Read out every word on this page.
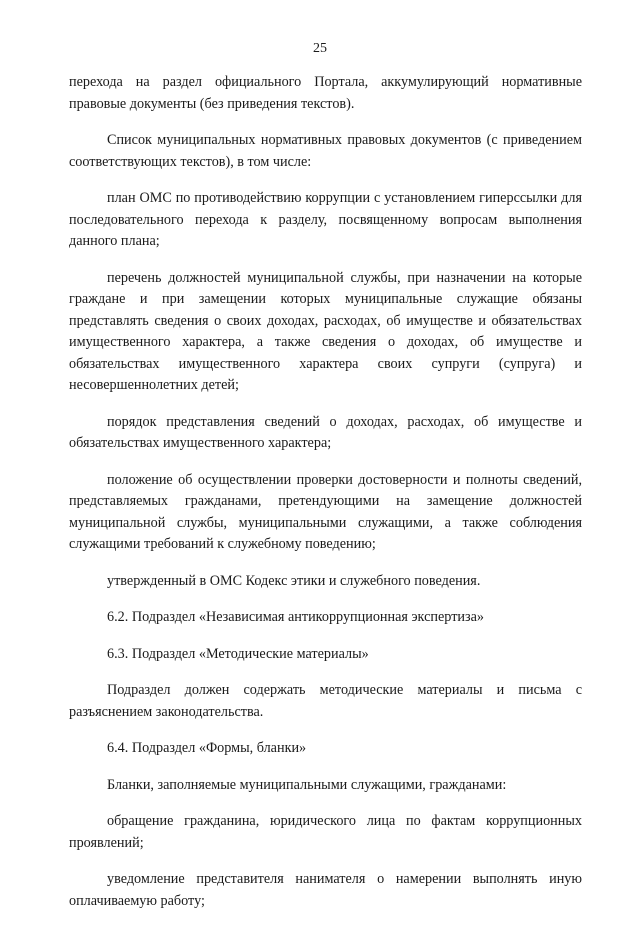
25

перехода на раздел официального Портала, аккумулирующий нормативные правовые документы (без приведения текстов).

Список муниципальных нормативных правовых документов (с приведением соответствующих текстов), в том числе:

план ОМС по противодействию коррупции с установлением гиперссылки для последовательного перехода к разделу, посвященному вопросам выполнения данного плана;

перечень должностей муниципальной службы, при назначении на которые граждане и при замещении которых муниципальные служащие обязаны представлять сведения о своих доходах, расходах, об имуществе и обязательствах имущественного характера, а также сведения о доходах, об имуществе и обязательствах имущественного характера своих супруги (супруга) и несовершеннолетних детей;

порядок представления сведений о доходах, расходах, об имуществе и обязательствах имущественного характера;

положение об осуществлении проверки достоверности и полноты сведений, представляемых гражданами, претендующими на замещение должностей муниципальной службы, муниципальными служащими, а также соблюдения служащими требований к служебному поведению;

утвержденный в ОМС Кодекс этики и служебного поведения.

6.2. Подраздел «Независимая антикоррупционная экспертиза»

6.3. Подраздел «Методические материалы»

Подраздел должен содержать методические материалы и письма с разъяснением законодательства.

6.4. Подраздел «Формы, бланки»

Бланки, заполняемые муниципальными служащими, гражданами:

обращение гражданина, юридического лица по фактам коррупционных проявлений;

уведомление представителя нанимателя о намерении выполнять иную оплачиваемую работу;
